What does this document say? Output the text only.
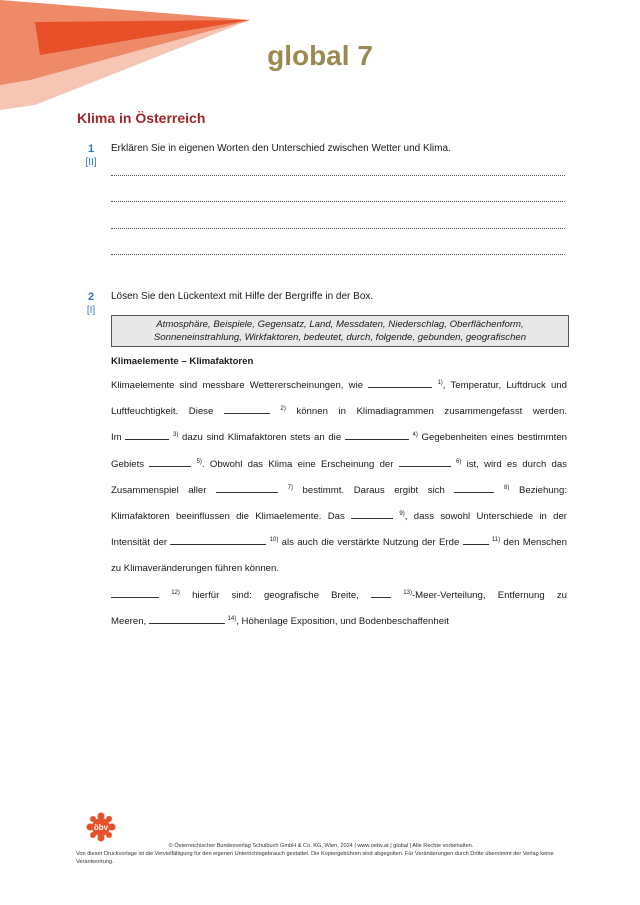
global 7
Klima in Österreich
1
[II]
Erklären Sie in eigenen Worten den Unterschied zwischen Wetter und Klima.
2
[I]
Lösen Sie den Lückentext mit Hilfe der Bergriffe in der Box.
Atmosphäre, Beispiele, Gegensatz, Land, Messdaten, Niederschlag, Oberflächenform,
Sonneneinstrahlung, Wirkfaktoren, bedeutet, durch, folgende, gebunden, geografischen
Klimaelemente – Klimafaktoren

Klimaelemente sind messbare Wettererscheinungen, wie	$^{1)}$, Temperatur, Luftdruck und

Luftfeuchtigkeit. Diese	$^{2)}$ können in Klimadiagrammen zusammengefasst werden.

Im	$^{3)}$ dazu sind Klimafaktoren stets an die	$^{4)}$ Gegebenheiten eines bestimmten

Gebiets	$^{5)}$. Obwohl das Klima eine Erscheinung der	$^{6)}$ ist, wird es durch das

Zusammenspiel aller	$^{7)}$ bestimmt. Daraus ergibt sich	$^{8)}$ Beziehung:

Klimafaktoren beeinflussen die Klimaelemente. Das	$^{9)}$, dass sowohl Unterschiede in der

Intensität der	$^{10)}$ als auch die verstärkte Nutzung der Erde	$^{11)}$ den Menschen

zu Klimaveränderungen führen können.

$^{12)}$ hierfür sind: geografische Breite,	$^{13)}$-Meer-Verteilung, Entfernung zu

Meeren,	$^{14)}$, Höhenlage Exposition, und Bodenbeschaffenheit

öbv
© Österreichischer Bundesverlag Schulbuch GmbH & Co. KG, Wien, 2024 | www.oebv.at | global | Alle Rechte vorbehalten.
Von dieser Druckvorlage ist die Vervielfältigung für den eigenen Unterrichtsgebrauch gestattet. Die Kopiergebühren sind abgegolten. Für Veränderungen durch Dritte übernimmt der Verlag keine Verantwortung.
